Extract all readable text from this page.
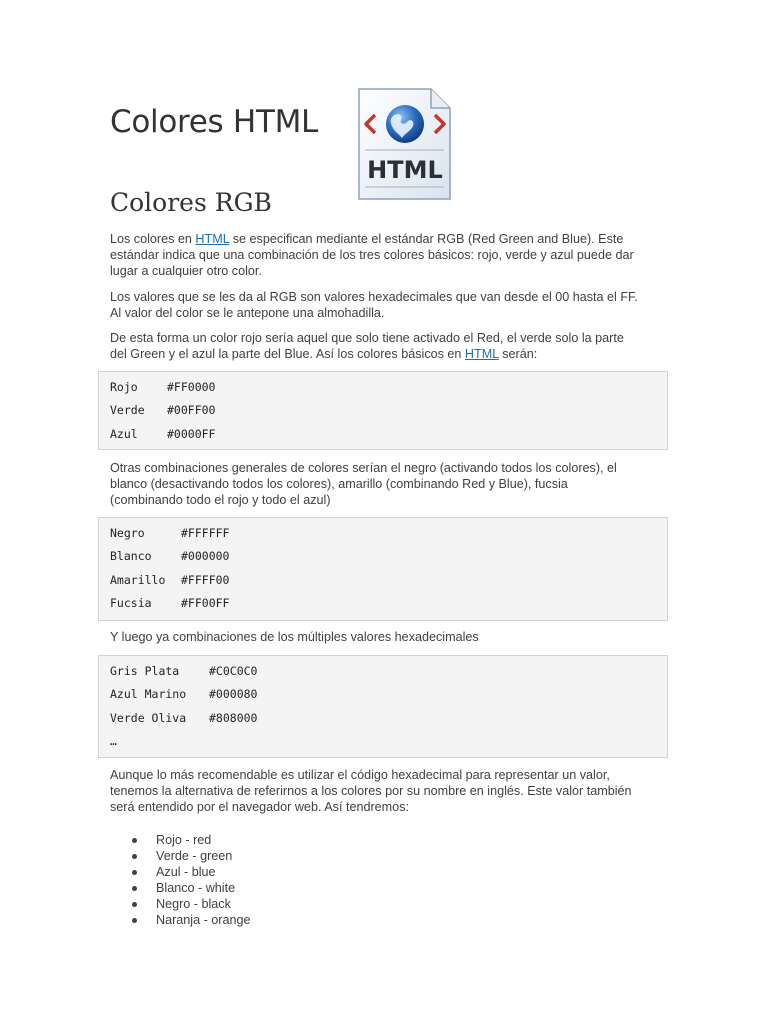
Colores HTML
HTML
Colores RGB

Los colores en HTML se especifican mediante el estándar RGB (Red Green and Blue). Este estándar indica que una combinación de los tres colores básicos: rojo, verde y azul puede dar lugar a cualquier otro color.

Los valores que se les da al RGB son valores hexadecimales que van desde el 00 hasta el FF. Al valor del color se le antepone una almohadilla.

De esta forma un color rojo sería aquel que solo tiene activado el Red, el verde solo la parte del Green y el azul la parte del Blue. Así los colores básicos en HTML serán:

Rojo	#FF0000
Verde #00FF00
Azul	#0000FF

Otras combinaciones generales de colores serían el negro (activando todos los colores), el blanco (desactivando todos los colores), amarillo (combinando Red y Blue), fucsia (combinando todo el rojo y todo el azul)

Negro	#FFFFFF
Blanco	#000000
Amarillo #FFFF00
Fucsia	#FF00FF

Y luego ya combinaciones de los múltiples valores hexadecimales

Gris Plata	#C0C0C0
Azul Marino #000080
Verde Oliva #808000
…

Aunque lo más recomendable es utilizar el código hexadecimal para representar un valor, tenemos la alternativa de referirnos a los colores por su nombre en inglés. Este valor también será entendido por el navegador web. Así tendremos:

Rojo - red
Verde - green
Azul - blue
Blanco - white
Negro - black
Naranja - orange
